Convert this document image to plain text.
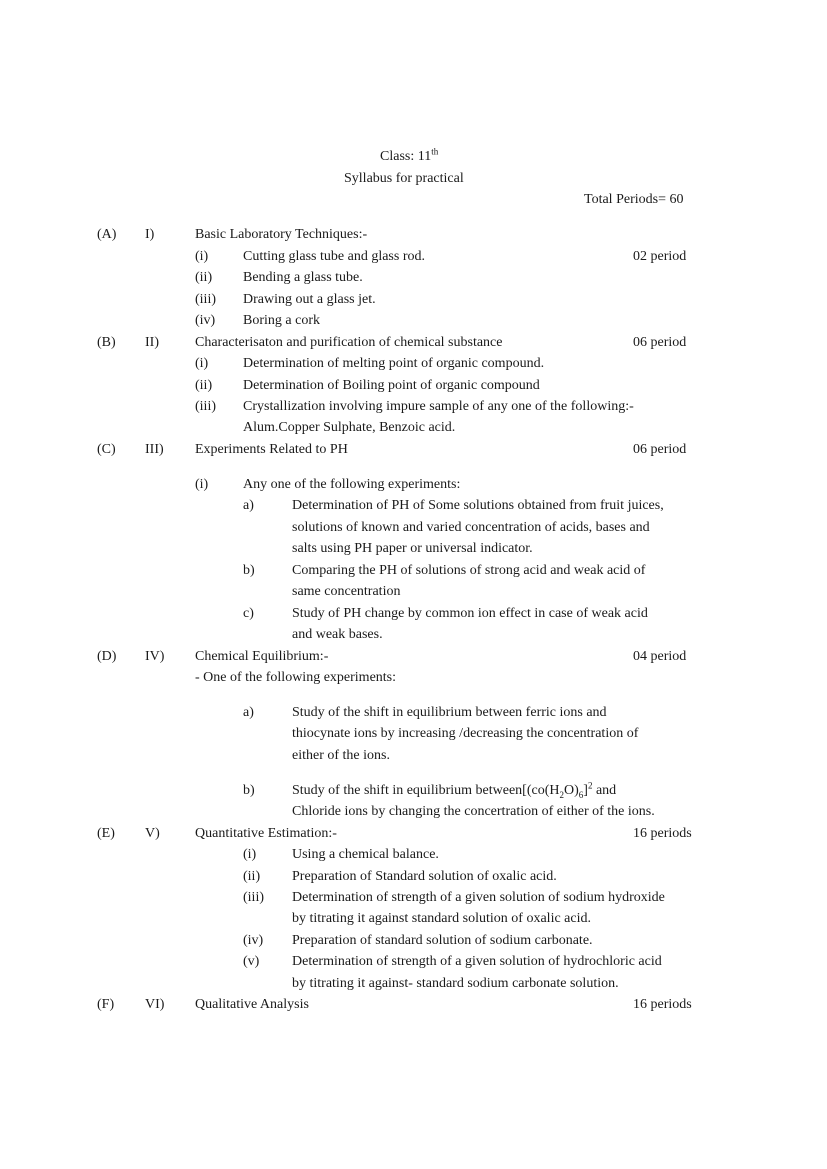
Class: 11th
Syllabus for practical
Total Periods= 60
(A) I)	Basic Laboratory Techniques:-
(i) Cutting glass tube and glass rod.	02 period
(ii) Bending a glass tube.
(iii) Drawing out a glass jet.
(iv) Boring a cork
(B) II)	Characterisaton and purification of chemical substance	06 period
(i) Determination of melting point of organic compound.
(ii) Determination of Boiling point of organic compound
(iii) Crystallization involving impure sample of any one of the following:-
Alum.Copper Sulphate, Benzoic acid.
(C) III) Experiments Related to PH	06 period
(i) Any one of the following experiments:
a)	Determination of PH of Some solutions obtained from fruit juices,
solutions of known and varied concentration of acids, bases and
salts using PH paper or universal indicator.
b)	Comparing the PH of solutions of strong acid and weak acid of
same concentration
c)	Study of PH change by common ion effect in case of weak acid
and weak bases.
(D) IV) Chemical Equilibrium:-	04 period
- One of the following experiments:
a)	Study of the shift in equilibrium between ferric ions and
thiocynate ions by increasing /decreasing the concentration of
either of the ions.
b)	Study of the shift in equilibrium $between[(co(H_2O)_6]^2$ and
Chloride ions by changing the concertration of either of the ions.
(E) V)	Quantitative Estimation:-	16 periods
(i)	Using a chemical balance.
(ii) Preparation of Standard solution of oxalic acid.
(iii) Determination of strength of a given solution of sodium hydroxide
by titrating it against standard solution of oxalic acid.
(iv) Preparation of standard solution of sodium carbonate.
(v) Determination of strength of a given solution of hydrochloric acid
by titrating it against- standard sodium carbonate solution.
(F) VI) Qualitative Analysis	16 periods
